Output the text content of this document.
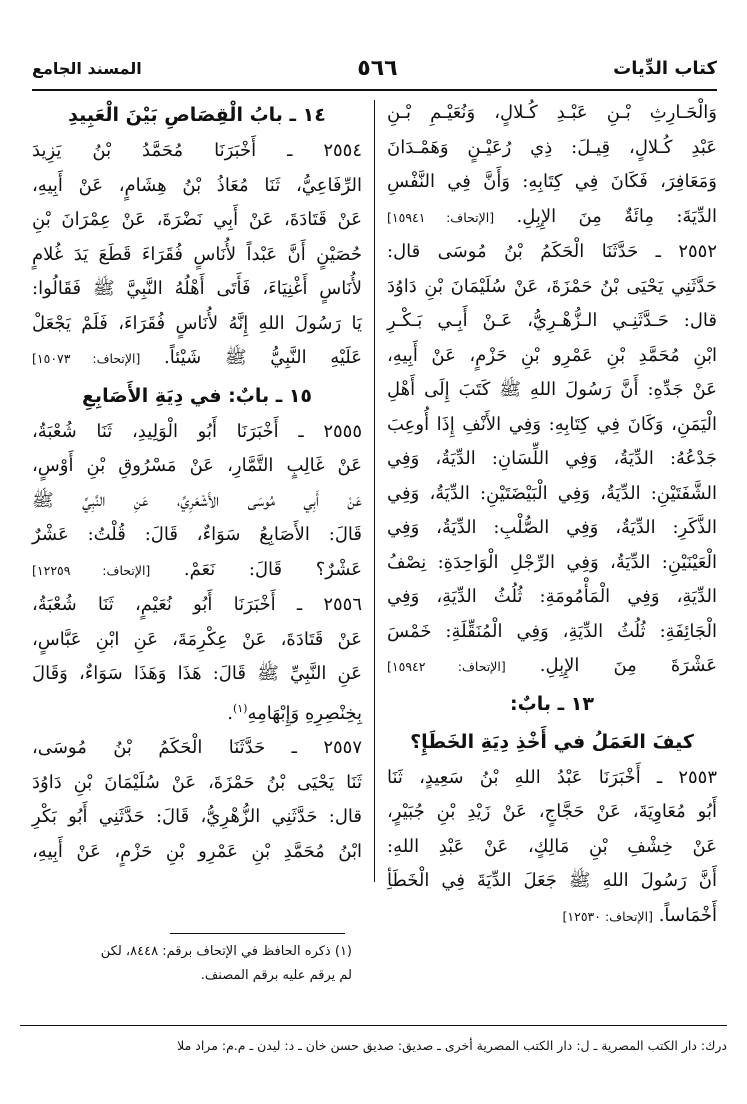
كتاب الدِّيات
٥٦٦
المسند الجامع
وَالْحَـارِثِ بْـنِ عَبْـدِ كُـلالٍ، وَنُعَيْـمِ بْـنِ
عَبْدِ كُـلالٍ، قِيـلَ: ذِي رُعَيْـنٍ وَهَمْـدَانَ
وَمَعَافِرَ، فَكَانَ فِي كِتَابِهِ: وَأَنَّ فِي النَّفْسِ
الدِّيَةَ: مِائَةٌ مِنَ الإِبِلِ. [الإتحاف: ١٥٩٤١]
٢٥٥٢ ـ حَدَّثَنَا الْحَكَمُ بْنُ مُوسَى قال:
حَدَّثَنِي يَحْيَى بْنُ حَمْزَةَ، عَنْ سُلَيْمَانَ بْنِ دَاوُدَ
قال: حَـدَّثَنِـي الـزُّهْـرِيُّ، عَـنْ أَبِـي بَـكْـرِ
ابْنِ مُحَمَّدِ بْنِ عَمْرِو بْنِ حَزْمٍ، عَنْ أَبِيهِ،
عَنْ جَدِّهِ: أَنَّ رَسُولَ اللهِ ﷺ كَتَبَ إِلَى أَهْلِ
الْيَمَنِ، وَكَانَ فِي كِتَابِهِ: وَفِي الأَنْفِ إِذَا أُوعِبَ
جَدْعُهُ: الدِّيَةُ، وَفِي اللِّسَانِ: الدِّيَةُ، وَفِي
الشَّفَتَيْنِ: الدِّيَةُ، وَفِي الْبَيْضَتَيْنِ: الدِّيَةُ، وَفِي
الذَّكَرِ: الدِّيَةُ، وَفِي الصُّلْبِ: الدِّيَةُ، وَفِي
الْعَيْنَيْنِ: الدِّيَةُ، وَفِي الرِّجْلِ الْوَاحِدَةِ: نِصْفُ
الدِّيَةِ، وَفِي الْمَأْمُومَةِ: ثُلُثُ الدِّيَةِ، وَفِي
الْجَائِفَةِ: ثُلُثُ الدِّيَةِ، وَفِي الْمُنَقِّلَةِ: خَمْسَ
عَشْرَةَ مِنَ الإِبِلِ. [الإتحاف: ١٥٩٤٢]
١٣ ـ بابٌ:
كيفَ العَمَلُ في أَخْذِ دِيَةِ الخَطَإِ؟
٢٥٥٣ ـ أَخْبَرَنَا عَبْدُ اللهِ بْنُ سَعِيدٍ، ثَنَا
أَبُو مُعَاوِيَةَ، عَنْ حَجَّاجٍ، عَنْ زَيْدِ بْنِ جُبَيْرٍ،
عَنْ خِشْفِ بْنِ مَالِكٍ، عَنْ عَبْدِ اللهِ:
أَنَّ رَسُولَ اللهِ ﷺ جَعَلَ الدِّيَةَ فِي الْخَطَأِ
أَخْمَاساً. [الإتحاف: ١٢٥٣٠]
١٤ ـ بابُ الْقِصَاصِ بَيْنَ الْعَبِيدِ
٢٥٥٤ ـ أَخْبَرَنَا مُحَمَّدُ بْنُ يَزِيدَ
الرِّفَاعِيُّ، ثَنَا مُعَاذُ بْنُ هِشَامٍ، عَنْ أَبِيهِ،
عَنْ قَتَادَةَ، عَنْ أَبِي نَضْرَةَ، عَنْ عِمْرَانَ بْنِ
حُصَيْنٍ أَنَّ عَبْداً لأُنَاسٍ فُقَرَاءَ قَطَعَ يَدَ غُلامٍ
لأُنَاسٍ أَغْنِيَاءَ، فَأَتَى أَهْلُهُ النَّبِيَّ ﷺ فَقَالُوا:
يَا رَسُولَ اللهِ إِنَّهُ لأُنَاسٍ فُقَرَاءَ، فَلَمْ يَجْعَلْ
عَلَيْهِ النَّبِيُّ ﷺ شَيْئاً. [الإتحاف: ١٥٠٧٣]
١٥ ـ بابٌ: في دِيَةِ الأَصَابِعِ
٢٥٥٥ ـ أَخْبَرَنَا أَبُو الْوَلِيدِ، ثَنَا شُعْبَةُ،
عَنْ غَالِبٍ التَّمَّارِ، عَنْ مَسْرُوقِ بْنِ أَوْسٍ،
عَنْ أَبِي مُوسَى الأَشْعَرِيِّ، عَنِ النَّبِيِّ ﷺ
قَالَ: الأَصَابِعُ سَوَاءٌ، قَالَ: قُلْتُ: عَشْرٌ
عَشْرٌ؟ قَالَ: نَعَمْ. [الإتحاف: ١٢٢٥٩]
٢٥٥٦ ـ أَخْبَرَنَا أَبُو نُعَيْمٍ، ثَنَا شُعْبَةُ،
عَنْ قَتَادَةَ، عَنْ عِكْرِمَةَ، عَنِ ابْنِ عَبَّاسٍ،
عَنِ النَّبِيِّ ﷺ قَالَ: هَذَا وَهَذَا سَوَاءٌ، وَقَالَ
بِخِنْصِرِهِ وَإِبْهَامِهِ$^{(١)}$.
٢٥٥٧ ـ حَدَّثَنَا الْحَكَمُ بْنُ مُوسَى،
ثَنَا يَحْيَى بْنُ حَمْزَةَ، عَنْ سُلَيْمَانَ بْنِ دَاوُدَ
قال: حَدَّثَنِي الزُّهْرِيُّ، قَالَ: حَدَّثَنِي أَبُو بَكْرِ
ابْنُ مُحَمَّدِ بْنِ عَمْرِو بْنِ حَزْمٍ، عَنْ أَبِيهِ،
(١) ذكره الحافظ في الإتحاف برقم: ٨٤٤٨، لكن
لم يرقم عليه برقم المصنف.
درك: دار الكتب المصرية ـ ل: دار الكتب المصرية أخرى ـ صديق: صديق حسن خان ـ د: ليدن ـ م.م: مراد ملا
